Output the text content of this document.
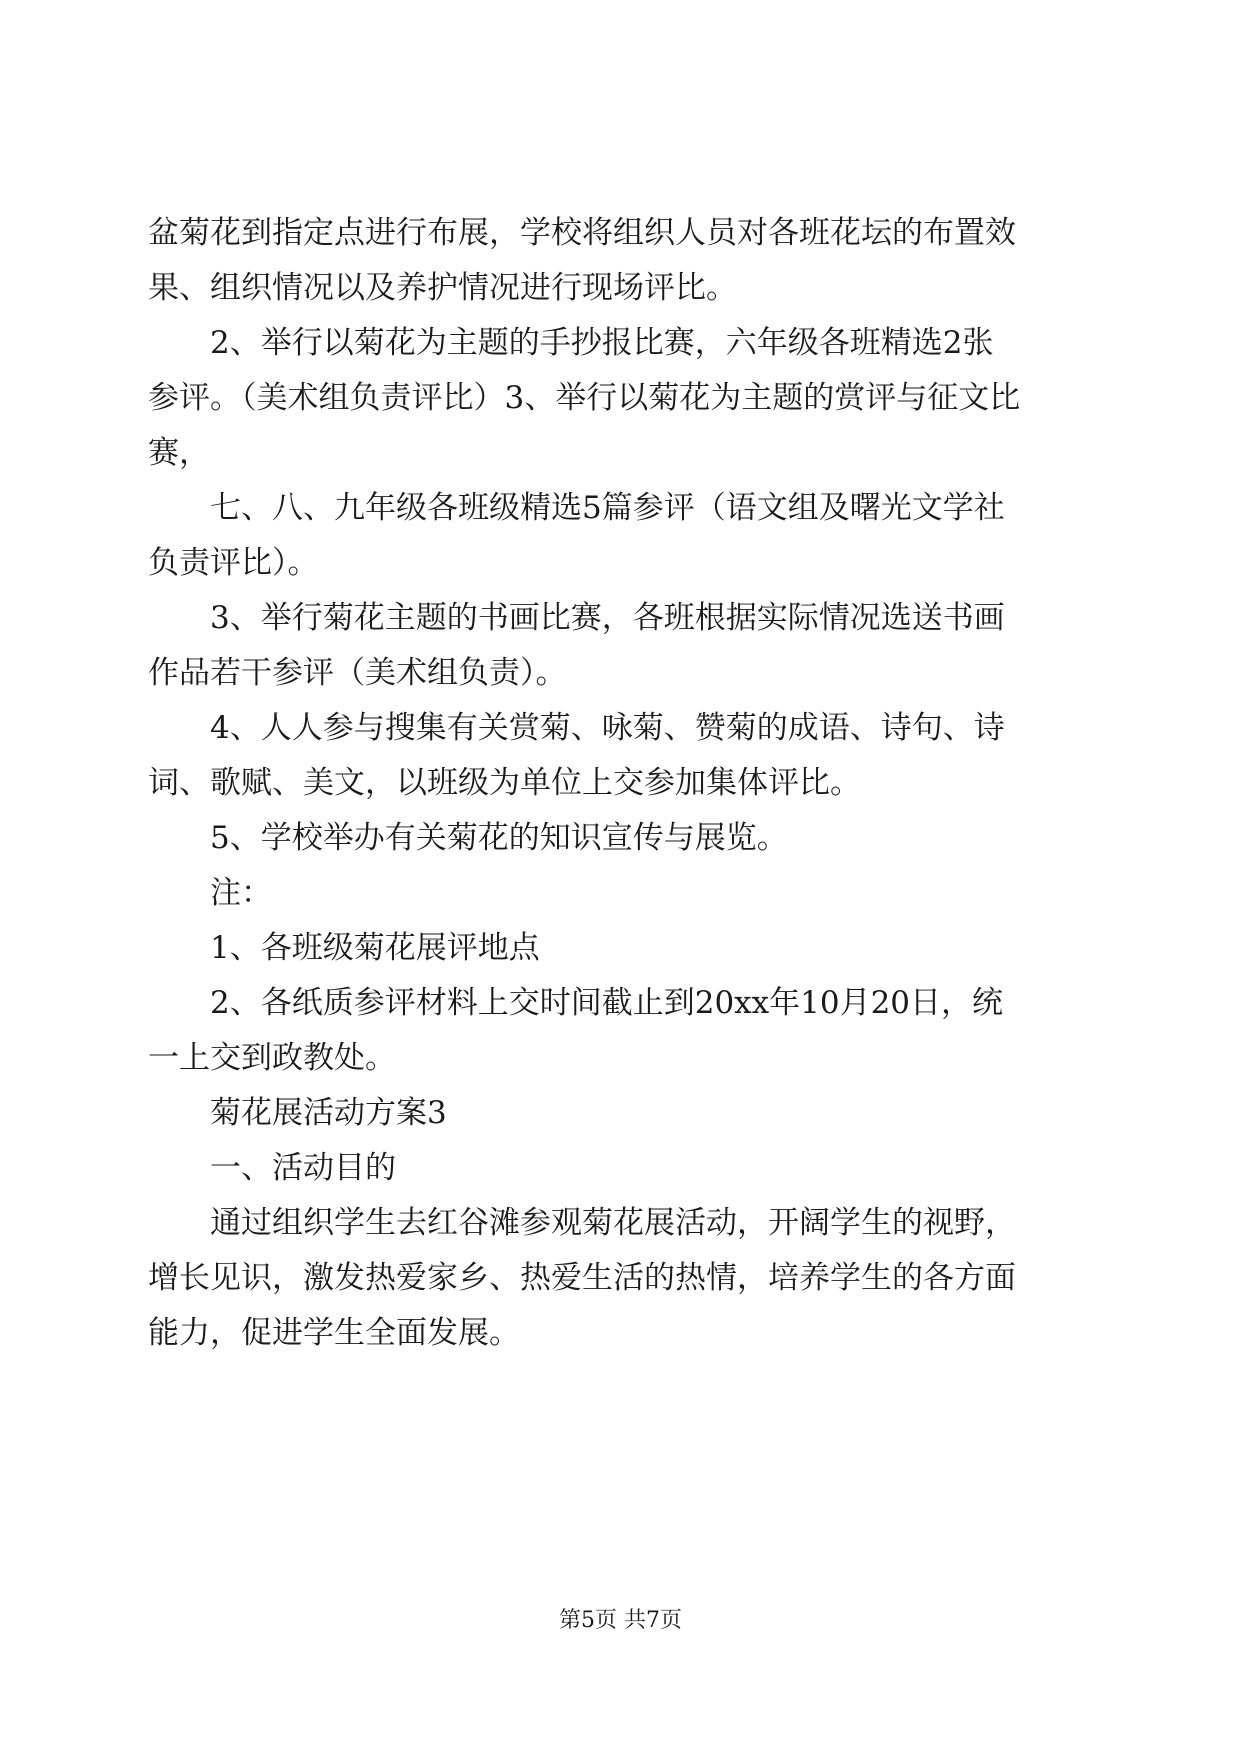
盆菊花到指定点进行布展，学校将组织人员对各班花坛的布置效
果、组织情况以及养护情况进行现场评比。
2、举行以菊花为主题的手抄报比赛，六年级各班精选2张
参评。（美术组负责评比）3、举行以菊花为主题的赏评与征文比
赛，
七、八、九年级各班级精选5篇参评（语文组及曙光文学社
负责评比）。
3、举行菊花主题的书画比赛，各班根据实际情况选送书画
作品若干参评（美术组负责）。
4、人人参与搜集有关赏菊、咏菊、赞菊的成语、诗句、诗
词、歌赋、美文，以班级为单位上交参加集体评比。
5、学校举办有关菊花的知识宣传与展览。
注：
1、各班级菊花展评地点
2、各纸质参评材料上交时间截止到20xx年10月20日，统
一上交到政教处。
菊花展活动方案3
一、活动目的
通过组织学生去红谷滩参观菊花展活动，开阔学生的视野，
增长见识，激发热爱家乡、热爱生活的热情，培养学生的各方面
能力，促进学生全面发展。
第5页 共7页
